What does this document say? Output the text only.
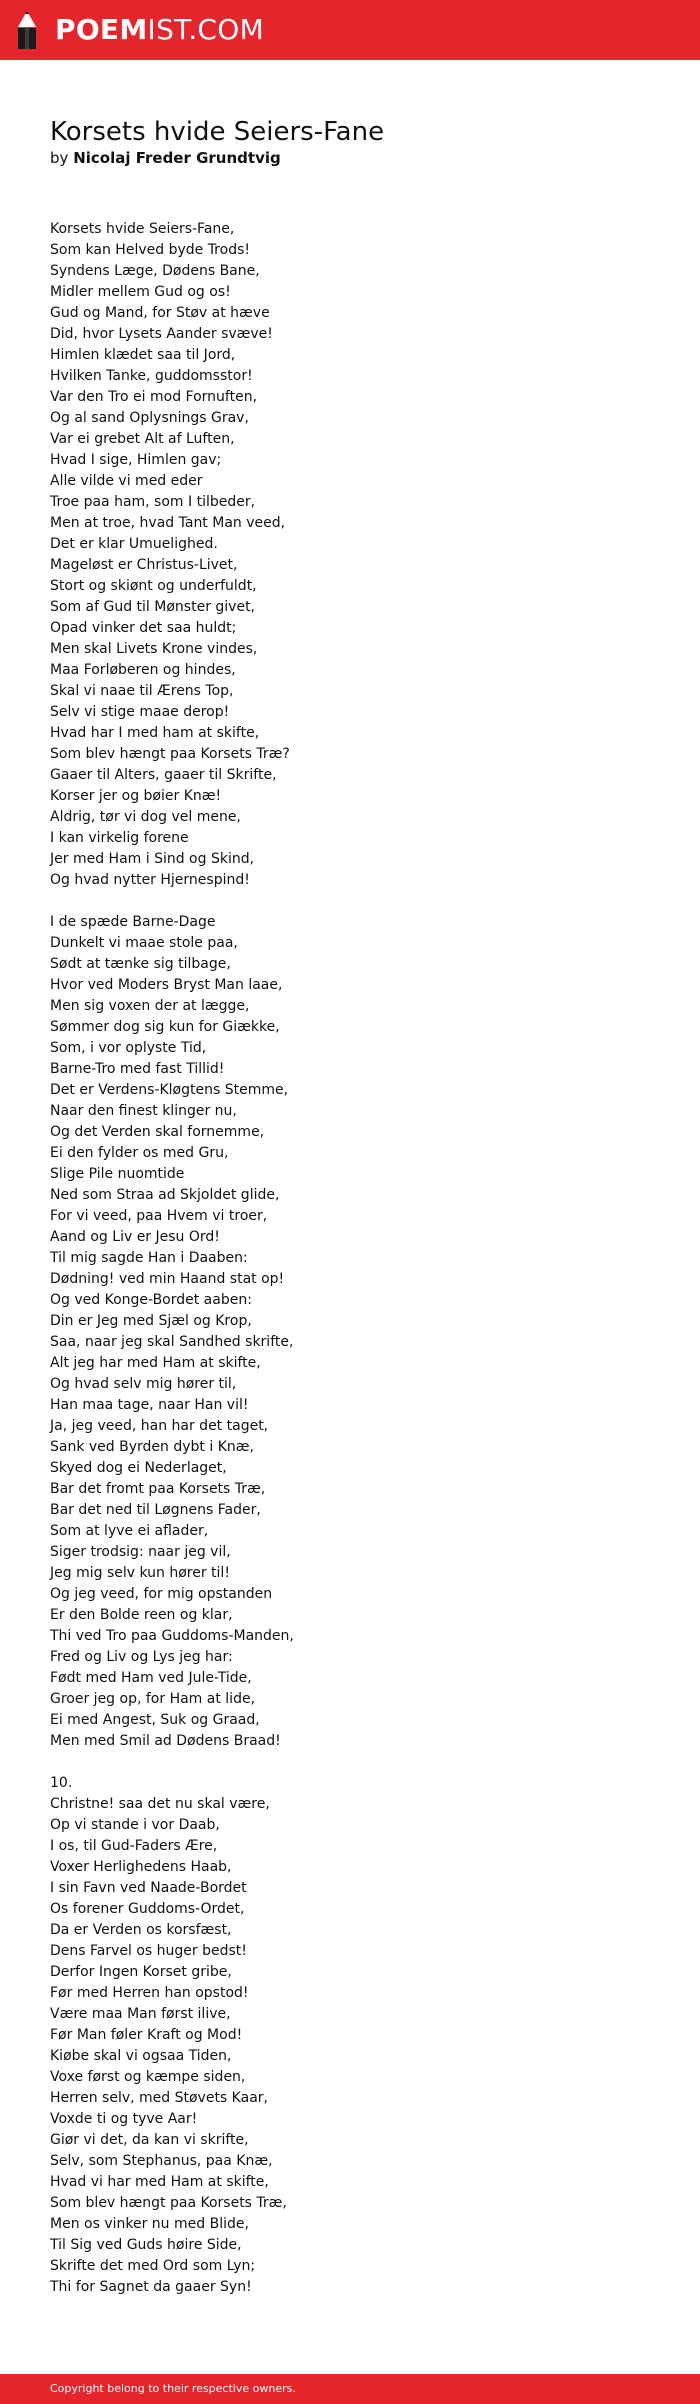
POEMIST.COM
Korsets hvide Seiers-Fane
by Nicolaj Freder Grundtvig
Korsets hvide Seiers-Fane,
Som kan Helved byde Trods!
Syndens Læge, Dødens Bane,
Midler mellem Gud og os!
Gud og Mand, for Støv at hæve
Did, hvor Lysets Aander svæve!
Himlen klædet saa til Jord,
Hvilken Tanke, guddomsstor!
Var den Tro ei mod Fornuften,
Og al sand Oplysnings Grav,
Var ei grebet Alt af Luften,
Hvad I sige, Himlen gav;
Alle vilde vi med eder
Troe paa ham, som I tilbeder,
Men at troe, hvad Tant Man veed,
Det er klar Umuelighed.
Mageløst er Christus-Livet,
Stort og skiønt og underfuldt,
Som af Gud til Mønster givet,
Opad vinker det saa huldt;
Men skal Livets Krone vindes,
Maa Forløberen og hindes,
Skal vi naae til Ærens Top,
Selv vi stige maae derop!
Hvad har I med ham at skifte,
Som blev hængt paa Korsets Træ?
Gaaer til Alters, gaaer til Skrifte,
Korser jer og bøier Knæ!
Aldrig, tør vi dog vel mene,
I kan virkelig forene
Jer med Ham i Sind og Skind,
Og hvad nytter Hjernespind!
I de spæde Barne-Dage
Dunkelt vi maae stole paa,
Sødt at tænke sig tilbage,
Hvor ved Moders Bryst Man laae,
Men sig voxen der at lægge,
Sømmer dog sig kun for Giække,
Som, i vor oplyste Tid,
Barne-Tro med fast Tillid!
Det er Verdens-Kløgtens Stemme,
Naar den finest klinger nu,
Og det Verden skal fornemme,
Ei den fylder os med Gru,
Slige Pile nuomtide
Ned som Straa ad Skjoldet glide,
For vi veed, paa Hvem vi troer,
Aand og Liv er Jesu Ord!
Til mig sagde Han i Daaben:
Dødning! ved min Haand stat op!
Og ved Konge-Bordet aaben:
Din er Jeg med Sjæl og Krop,
Saa, naar jeg skal Sandhed skrifte,
Alt jeg har med Ham at skifte,
Og hvad selv mig hører til,
Han maa tage, naar Han vil!
Ja, jeg veed, han har det taget,
Sank ved Byrden dybt i Knæ,
Skyed dog ei Nederlaget,
Bar det fromt paa Korsets Træ,
Bar det ned til Løgnens Fader,
Som at lyve ei aflader,
Siger trodsig: naar jeg vil,
Jeg mig selv kun hører til!
Og jeg veed, for mig opstanden
Er den Bolde reen og klar,
Thi ved Tro paa Guddoms-Manden,
Fred og Liv og Lys jeg har:
Født med Ham ved Jule-Tide,
Groer jeg op, for Ham at lide,
Ei med Angest, Suk og Graad,
Men med Smil ad Dødens Braad!
10.
Christne! saa det nu skal være,
Op vi stande i vor Daab,
I os, til Gud-Faders Ære,
Voxer Herlighedens Haab,
I sin Favn ved Naade-Bordet
Os forener Guddoms-Ordet,
Da er Verden os korsfæst,
Dens Farvel os huger bedst!
Derfor Ingen Korset gribe,
Før med Herren han opstod!
Være maa Man først ilive,
Før Man føler Kraft og Mod!
Kiøbe skal vi ogsaa Tiden,
Voxe først og kæmpe siden,
Herren selv, med Støvets Kaar,
Voxde ti og tyve Aar!
Giør vi det, da kan vi skrifte,
Selv, som Stephanus, paa Knæ,
Hvad vi har med Ham at skifte,
Som blev hængt paa Korsets Træ,
Men os vinker nu med Blide,
Til Sig ved Guds høire Side,
Skrifte det med Ord som Lyn;
Thi for Sagnet da gaaer Syn!
Copyright belong to their respective owners.
